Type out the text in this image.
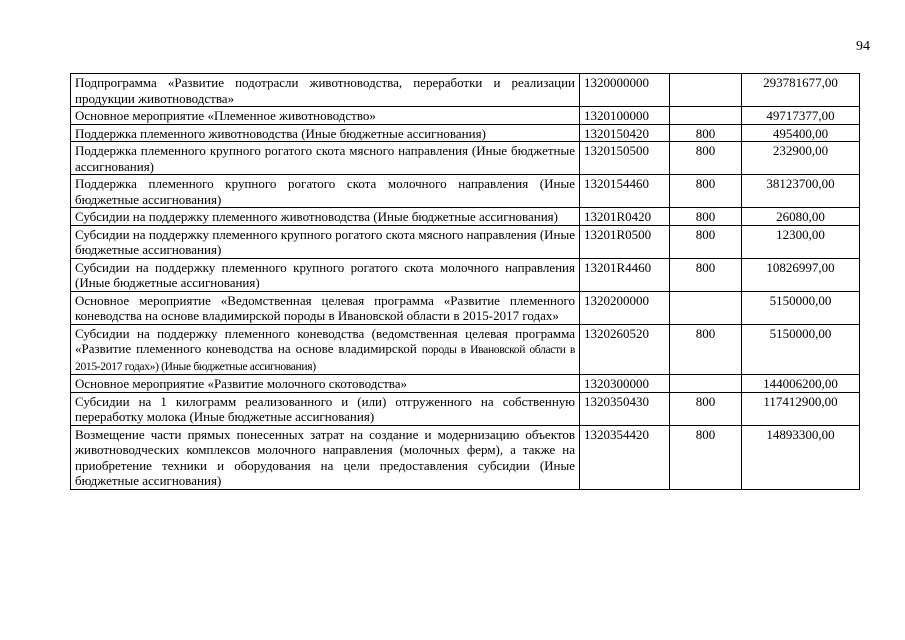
94
Подпрограмма «Развитие подотрасли животноводства, переработки и реализации продукции животноводства»	1320000000		293781677,00
Основное мероприятие «Племенное животноводство»	1320100000		49717377,00
Поддержка племенного животноводства (Иные бюджетные ассигнования)	1320150420	800	495400,00
Поддержка племенного крупного рогатого скота мясного направления (Иные бюджетные ассигнования)	1320150500	800	232900,00
Поддержка племенного крупного рогатого скота молочного направления (Иные бюджетные ассигнования)	1320154460	800	38123700,00
Субсидии на поддержку племенного животноводства (Иные бюджетные ассигнования)	13201R0420	800	26080,00
Субсидии на поддержку племенного крупного рогатого скота мясного направления (Иные бюджетные ассигнования)	13201R0500	800	12300,00
Субсидии на поддержку племенного крупного рогатого скота молочного направления (Иные бюджетные ассигнования)	13201R4460	800	10826997,00
Основное мероприятие «Ведомственная целевая программа «Развитие племенного коневодства на основе владимирской породы в Ивановской области в 2015-2017 годах»	1320200000		5150000,00
Субсидии на поддержку племенного коневодства (ведомственная целевая программа «Развитие племенного коневодства на основе владимирской породы в Ивановской области в 2015-2017 годах») (Иные бюджетные ассигнования)	1320260520	800	5150000,00
Основное мероприятие «Развитие молочного скотоводства»	1320300000		144006200,00
Субсидии на 1 килограмм реализованного и (или) отгруженного на собственную переработку молока (Иные бюджетные ассигнования)	1320350430	800	117412900,00
Возмещение части прямых понесенных затрат на создание и модернизацию объектов животноводческих комплексов молочного направления (молочных ферм), а также на приобретение техники и оборудования на цели предоставления субсидии (Иные бюджетные ассигнования)	1320354420	800	14893300,00
